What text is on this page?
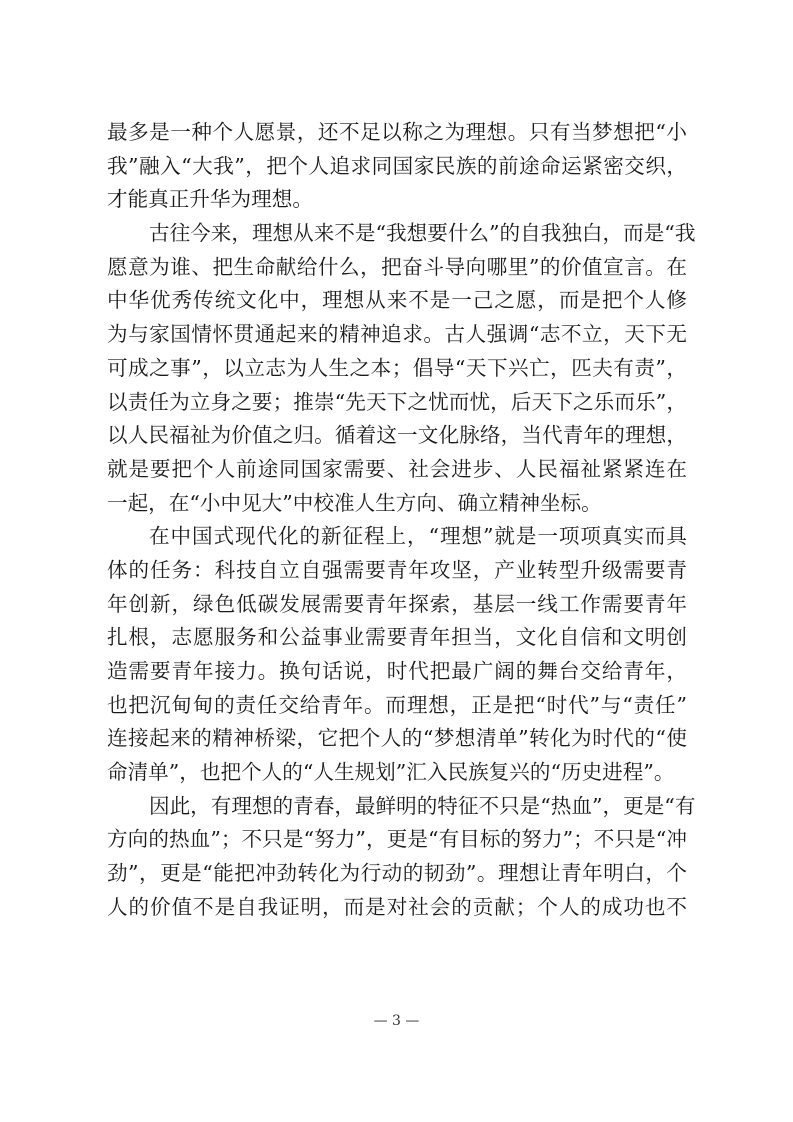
最多是一种个人愿景，还不足以称之为理想。只有当梦想把“小
我”融入“大我”，把个人追求同国家民族的前途命运紧密交织，
才能真正升华为理想。
古往今来，理想从来不是“我想要什么”的自我独白，而是“我
愿意为谁、把生命献给什么，把奋斗导向哪里”的价值宣言。在
中华优秀传统文化中，理想从来不是一己之愿，而是把个人修
为与家国情怀贯通起来的精神追求。古人强调“志不立，天下无
可成之事”，以立志为人生之本；倡导“天下兴亡，匹夫有责”，
以责任为立身之要；推崇“先天下之忧而忧，后天下之乐而乐”，
以人民福祉为价值之归。循着这一文化脉络，当代青年的理想，
就是要把个人前途同国家需要、社会进步、人民福祉紧紧连在
一起，在“小中见大”中校准人生方向、确立精神坐标。
在中国式现代化的新征程上，“理想”就是一项项真实而具
体的任务：科技自立自强需要青年攻坚，产业转型升级需要青
年创新，绿色低碳发展需要青年探索，基层一线工作需要青年
扎根，志愿服务和公益事业需要青年担当，文化自信和文明创
造需要青年接力。换句话说，时代把最广阔的舞台交给青年，
也把沉甸甸的责任交给青年。而理想，正是把“时代”与“责任”
连接起来的精神桥梁，它把个人的“梦想清单”转化为时代的“使
命清单”，也把个人的“人生规划”汇入民族复兴的“历史进程”。
因此，有理想的青春，最鲜明的特征不只是“热血”，更是“有
方向的热血”；不只是“努力”，更是“有目标的努力”；不只是“冲
劲”，更是“能把冲劲转化为行动的韧劲”。理想让青年明白，个
人的价值不是自我证明，而是对社会的贡献；个人的成功也不
— 3 —
